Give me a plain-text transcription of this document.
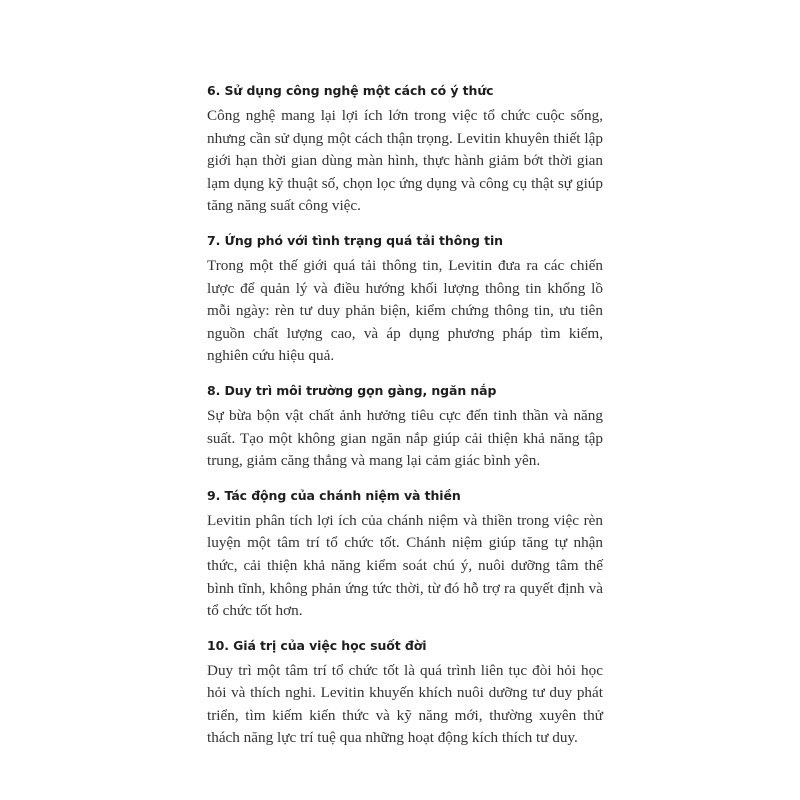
6. Sử dụng công nghệ một cách có ý thức

Công nghệ mang lại lợi ích lớn trong việc tổ chức cuộc sống, nhưng cần sử dụng một cách thận trọng. Levitin khuyên thiết lập giới hạn thời gian dùng màn hình, thực hành giảm bớt thời gian lạm dụng kỹ thuật số, chọn lọc ứng dụng và công cụ thật sự giúp tăng năng suất công việc.

7. Ứng phó với tình trạng quá tải thông tin

Trong một thế giới quá tải thông tin, Levitin đưa ra các chiến lược để quản lý và điều hướng khối lượng thông tin khổng lồ mỗi ngày: rèn tư duy phản biện, kiểm chứng thông tin, ưu tiên nguồn chất lượng cao, và áp dụng phương pháp tìm kiếm, nghiên cứu hiệu quả.

8. Duy trì môi trường gọn gàng, ngăn nắp

Sự bừa bộn vật chất ảnh hưởng tiêu cực đến tinh thần và năng suất. Tạo một không gian ngăn nắp giúp cải thiện khả năng tập trung, giảm căng thẳng và mang lại cảm giác bình yên.

9. Tác động của chánh niệm và thiền

Levitin phân tích lợi ích của chánh niệm và thiền trong việc rèn luyện một tâm trí tổ chức tốt. Chánh niệm giúp tăng tự nhận thức, cải thiện khả năng kiểm soát chú ý, nuôi dưỡng tâm thế bình tĩnh, không phản ứng tức thời, từ đó hỗ trợ ra quyết định và tổ chức tốt hơn.

10. Giá trị của việc học suốt đời

Duy trì một tâm trí tổ chức tốt là quá trình liên tục đòi hỏi học hỏi và thích nghi. Levitin khuyến khích nuôi dưỡng tư duy phát triển, tìm kiếm kiến thức và kỹ năng mới, thường xuyên thử thách năng lực trí tuệ qua những hoạt động kích thích tư duy.
